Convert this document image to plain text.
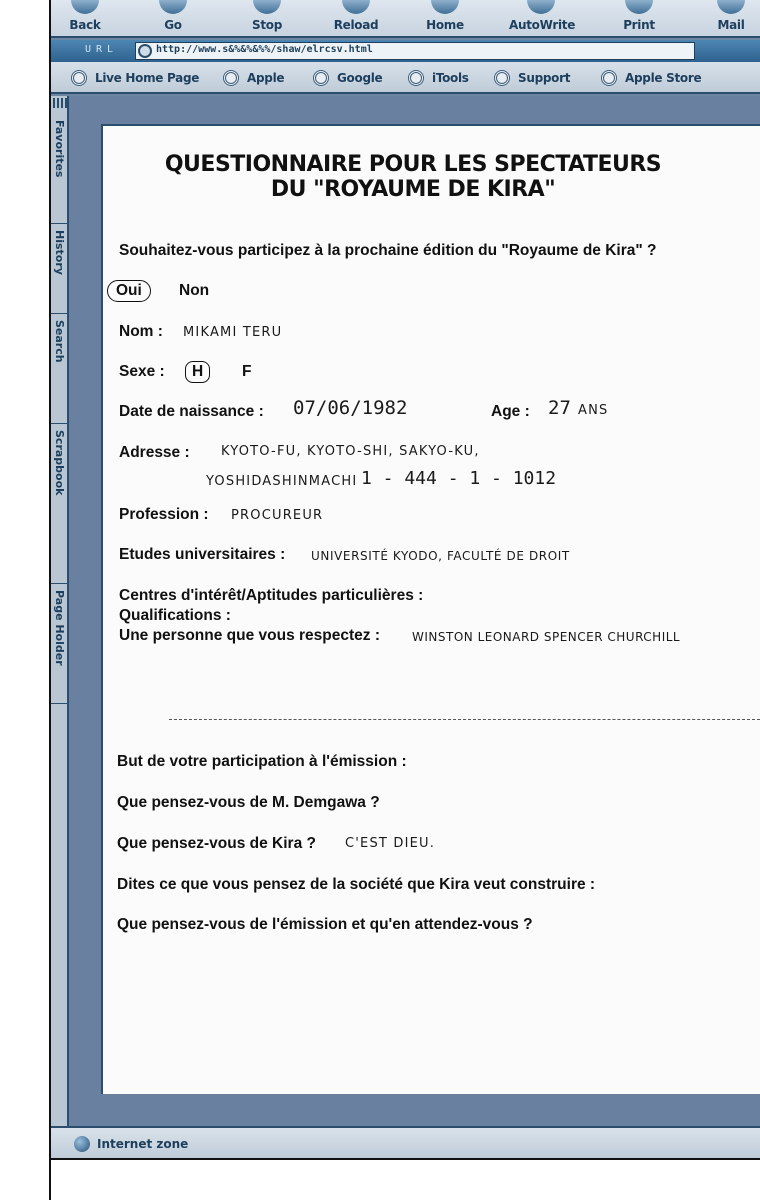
Back	Go	Stop	Reload	Home	AutoWrite	Print	Mail
URL	http://www.s&%&%&%%/shaw/elrcsv.html
Live Home Page	Apple	Google	iTools	Support	Apple Store
Favorites
History
Search
Scrapbook
Page Holder
QUESTIONNAIRE POUR LES SPECTATEURS
DU "ROYAUME DE KIRA"
Souhaitez-vous participez à la prochaine édition du "Royaume de Kira" ?
Oui	Non
Nom : MIKAMI TERU
Sexe :	H	F
Date de naissance : 07/06/1982	Age : 27 ANS
Adresse : KYOTO-FU, KYOTO-SHI, SAKYO-KU,
YOSHIDASHINMACHI 1 - 444 - 1 - 1012
Profession : PROCUREUR
Etudes universitaires : UNIVERSITÉ KYODO, FACULTÉ DE DROIT
Centres d'intérêt/Aptitudes particulières :
Qualifications :
Une personne que vous respectez :	WINSTON LEONARD SPENCER CHURCHILL
But de votre participation à l'émission :
Que pensez-vous de M. Demgawa ?
Que pensez-vous de Kira ? C'EST DIEU.
Dites ce que vous pensez de la société que Kira veut construire :
Que pensez-vous de l'émission et qu'en attendez-vous ?
Internet zone
